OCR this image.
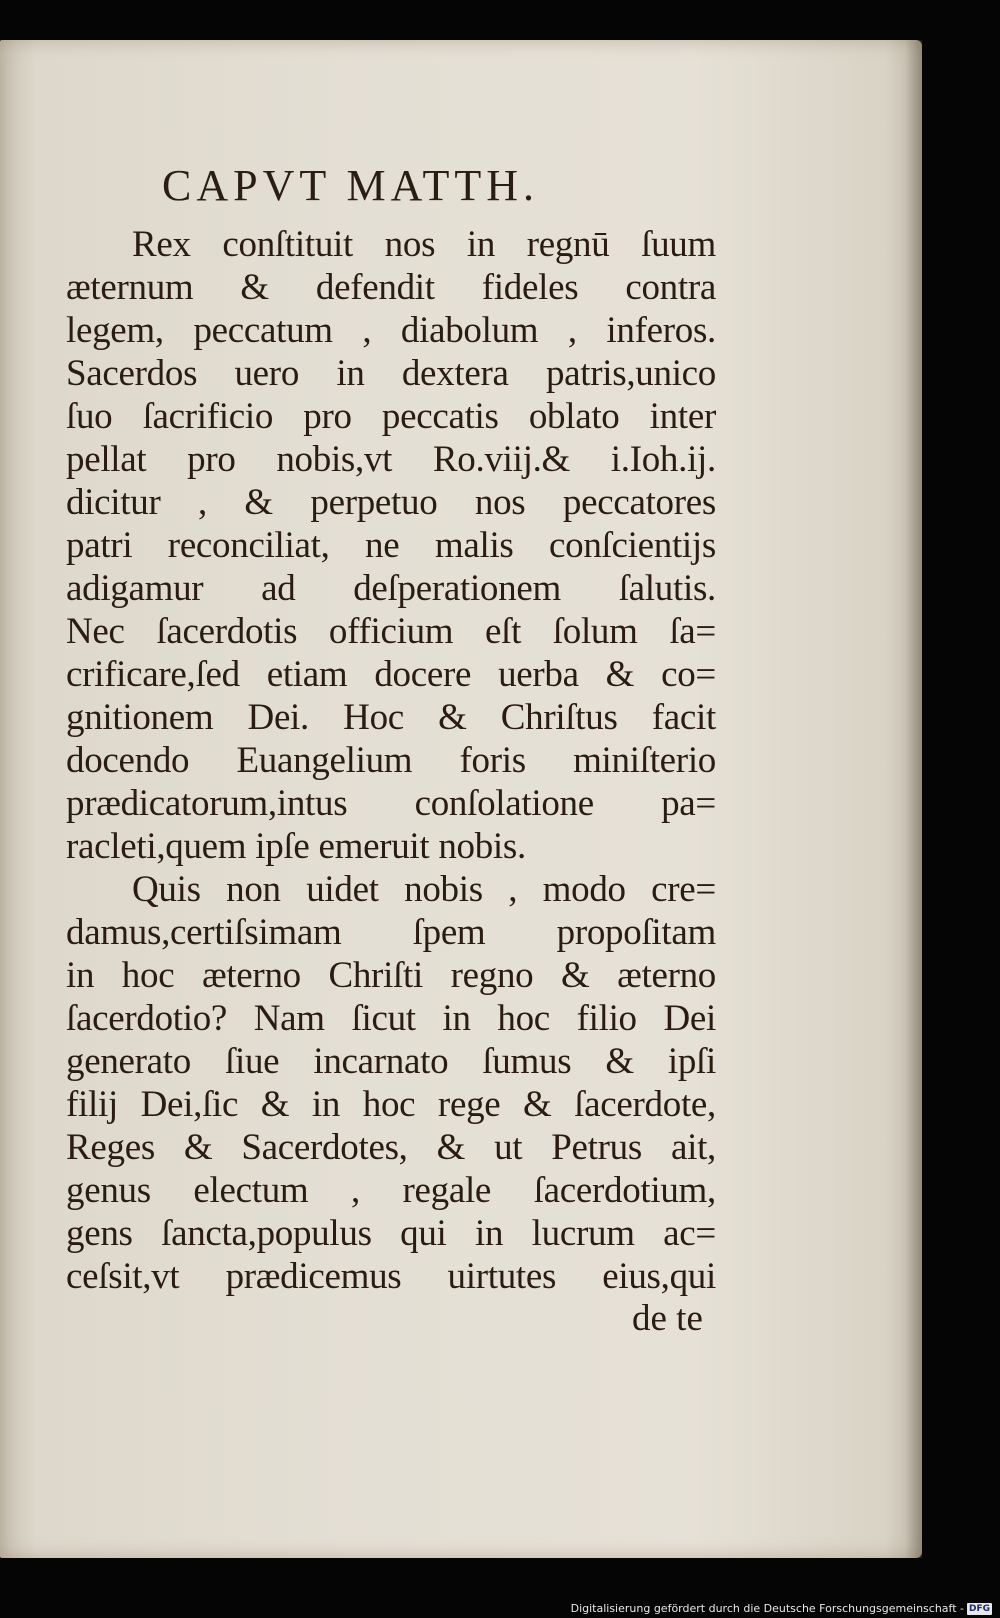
CAPVT MATTH.
Rex conſtituit nos in regnū ſuum
æternum & defendit fideles contra
legem, peccatum , diabolum , inferos.
Sacerdos uero in dextera patris,unico
ſuo ſacrificio pro peccatis oblato inter
pellat pro nobis,vt Ro.viij.& i.Ioh.ij.
dicitur , & perpetuo nos peccatores
patri reconciliat, ne malis conſcientijs
adigamur ad deſperationem ſalutis.
Nec ſacerdotis officium eſt ſolum ſa=
crificare,ſed etiam docere uerba & co=
gnitionem Dei. Hoc & Chriſtus facit
docendo Euangelium foris miniſterio
prædicatorum,intus conſolatione pa=
racleti,quem ipſe emeruit nobis.
Quis non uidet nobis , modo cre=
damus,certiſsimam ſpem propoſitam
in hoc æterno Chriſti regno & æterno
ſacerdotio? Nam ſicut in hoc filio Dei
generato ſiue incarnato ſumus & ipſi
filij Dei,ſic & in hoc rege & ſacerdote,
Reges & Sacerdotes, & ut Petrus ait,
genus electum , regale ſacerdotium,
gens ſancta,populus qui in lucrum ac=
ceſsit,vt prædicemus uirtutes eius,qui
de te
Digitalisierung gefördert durch die Deutsche Forschungsgemeinschaft - DFG
